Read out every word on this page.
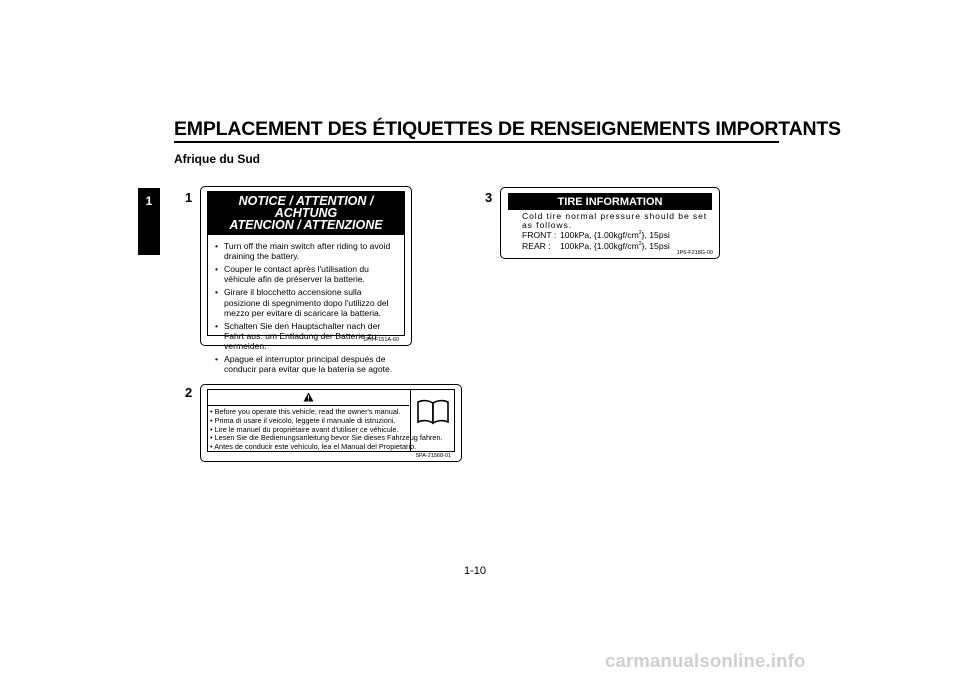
EMPLACEMENT DES ÉTIQUETTES DE RENSEIGNEMENTS IMPORTANTS
Afrique du Sud
1	1	NOTICE / ATTENTION / ACHTUNG
ATENCION / ATTENZIONE
• Turn off the main switch after riding to avoid draining the battery.
• Couper le contact après l'utilisation du véhicule afin de préserver la batterie.
• Girare il blocchetto accensione sulla posizione di spegnimento dopo l'utilizzo del mezzo per evitare di scaricare la batteria.
• Schalten Sie den Hauptschalter nach der Fahrt aus. um Entladung der Batterie zu vermeiden.
• Apague el interruptor principal después de conducir para evitar que la batería se agote.
1P6-F151A-60
2
• Before you operate this vehicle, read the owner's manual.
• Prima di usare il veicolo, leggete il manuale di istruzioni.
• Lire le manuel du propriétaire avant d'utiliser ce véhicule.
• Lesen Sie die Bedienungsanleitung bevor Sie dieses Fahrzeug fahren.
• Antes de conducir este vehículo, lea el Manual del Propietario.
5PA-21568-01
3	TIRE INFORMATION
Cold tire normal pressure should be set
as follows.
FRONT : 100kPa, $\{1.00kgf/cm^2\}$, 15psi
REAR : 100kPa, $\{1.00kgf/cm^2\}$, 15psi
1P6-F218G-00
1-10
carmanualsonline.info
